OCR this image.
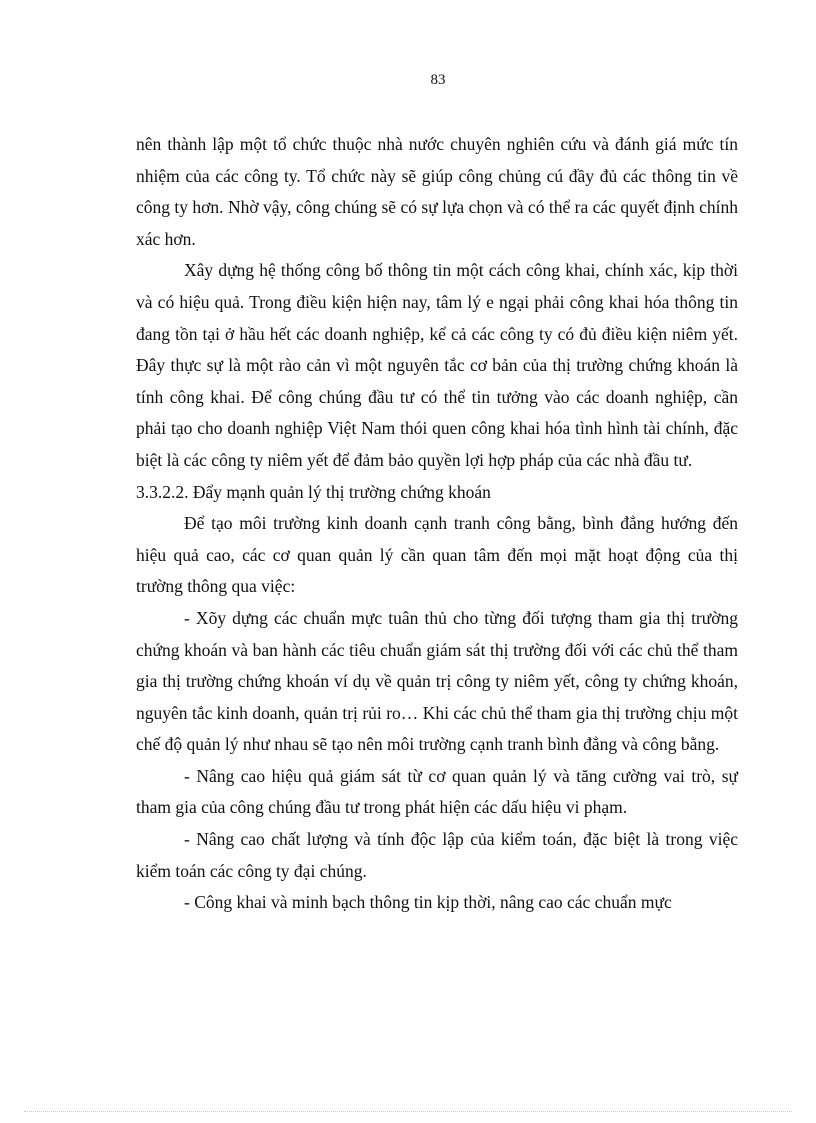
83

nên thành lập một tổ chức thuộc nhà nước chuyên nghiên cứu và đánh giá mức tín nhiệm của các công ty. Tổ chức này sẽ giúp công chủng cú đầy đủ các thông tin về công ty hơn. Nhờ vậy, công chúng sẽ có sự lựa chọn và có thể ra các quyết định chính xác hơn.

Xây dựng hệ thống công bố thông tin một cách công khai, chính xác, kịp thời và có hiệu quả. Trong điều kiện hiện nay, tâm lý e ngại phải công khai hóa thông tin đang tồn tại ở hầu hết các doanh nghiệp, kể cả các công ty có đủ điều kiện niêm yết. Đây thực sự là một rào cản vì một nguyên tắc cơ bản của thị trường chứng khoán là tính công khai. Để công chúng đầu tư có thể tin tưởng vào các doanh nghiệp, cần phải tạo cho doanh nghiệp Việt Nam thói quen công khai hóa tình hình tài chính, đặc biệt là các công ty niêm yết để đảm bảo quyền lợi hợp pháp của các nhà đầu tư.

3.3.2.2. Đẩy mạnh quản lý thị trường chứng khoán

Để tạo môi trường kinh doanh cạnh tranh công bằng, bình đẳng hướng đến hiệu quả cao, các cơ quan quản lý cần quan tâm đến mọi mặt hoạt động của thị trường thông qua việc:

- Xõy dựng các chuẩn mực tuân thủ cho từng đối tượng tham gia thị trường chứng khoán và ban hành các tiêu chuẩn giám sát thị trường đối với các chủ thể tham gia thị trường chứng khoán ví dụ về quản trị công ty niêm yết, công ty chứng khoán, nguyên tắc kinh doanh, quản trị rủi ro… Khi các chủ thể tham gia thị trường chịu một chế độ quản lý như nhau sẽ tạo nên môi trường cạnh tranh bình đẳng và công bằng.

- Nâng cao hiệu quả giám sát từ cơ quan quản lý và tăng cường vai trò, sự tham gia của công chúng đầu tư trong phát hiện các dấu hiệu vi phạm.

- Nâng cao chất lượng và tính độc lập của kiểm toán, đặc biệt là trong việc kiểm toán các công ty đại chúng.

- Công khai và minh bạch thông tin kịp thời, nâng cao các chuẩn mực
